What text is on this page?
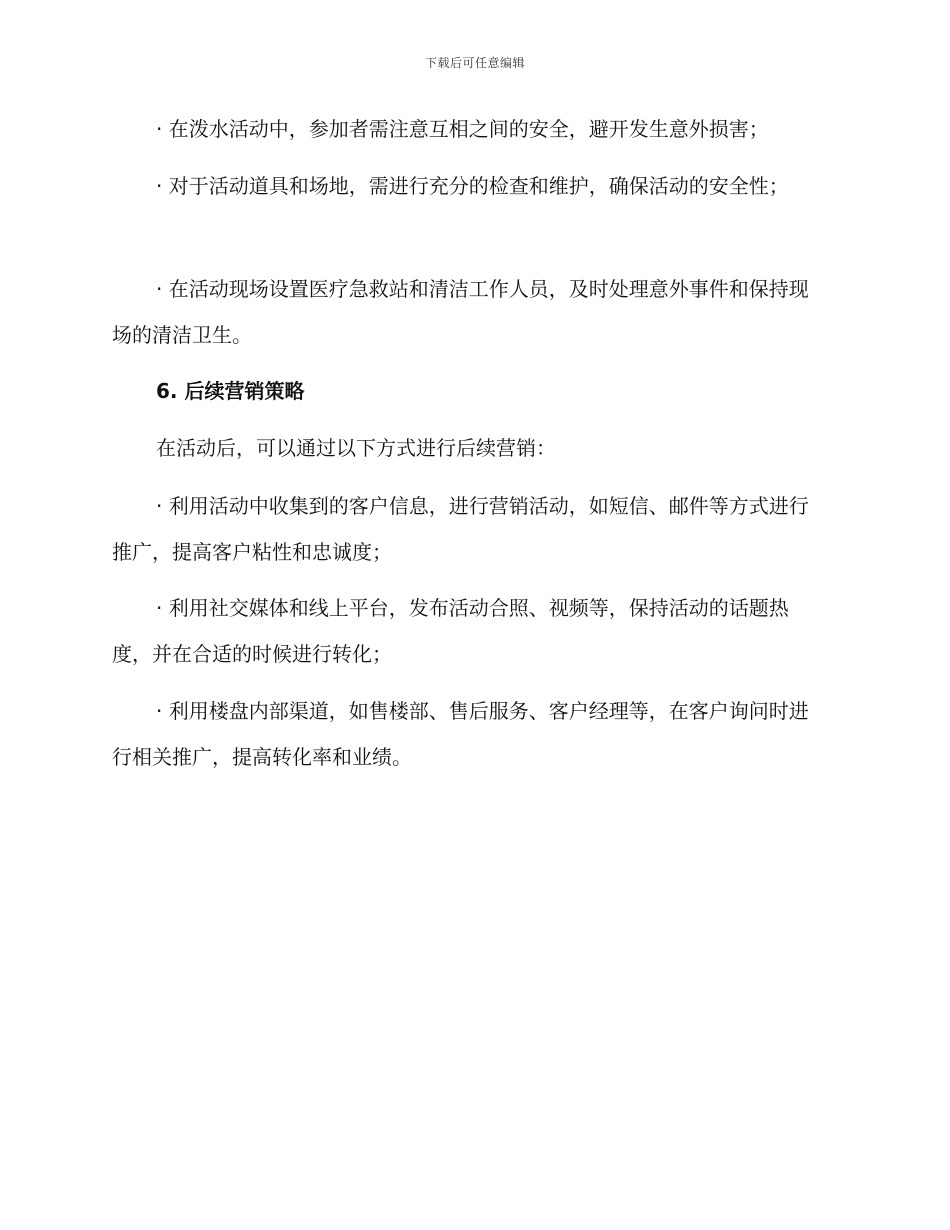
下载后可任意编辑

· 在泼水活动中，参加者需注意互相之间的安全，避开发生意外损害；

· 对于活动道具和场地，需进行充分的检查和维护，确保活动的安全性；

· 在活动现场设置医疗急救站和清洁工作人员，及时处理意外事件和保持现场的清洁卫生。

6. 后续营销策略

在活动后，可以通过以下方式进行后续营销：

· 利用活动中收集到的客户信息，进行营销活动，如短信、邮件等方式进行推广，提高客户粘性和忠诚度；

· 利用社交媒体和线上平台，发布活动合照、视频等，保持活动的话题热度，并在合适的时候进行转化；

· 利用楼盘内部渠道，如售楼部、售后服务、客户经理等，在客户询问时进行相关推广，提高转化率和业绩。
